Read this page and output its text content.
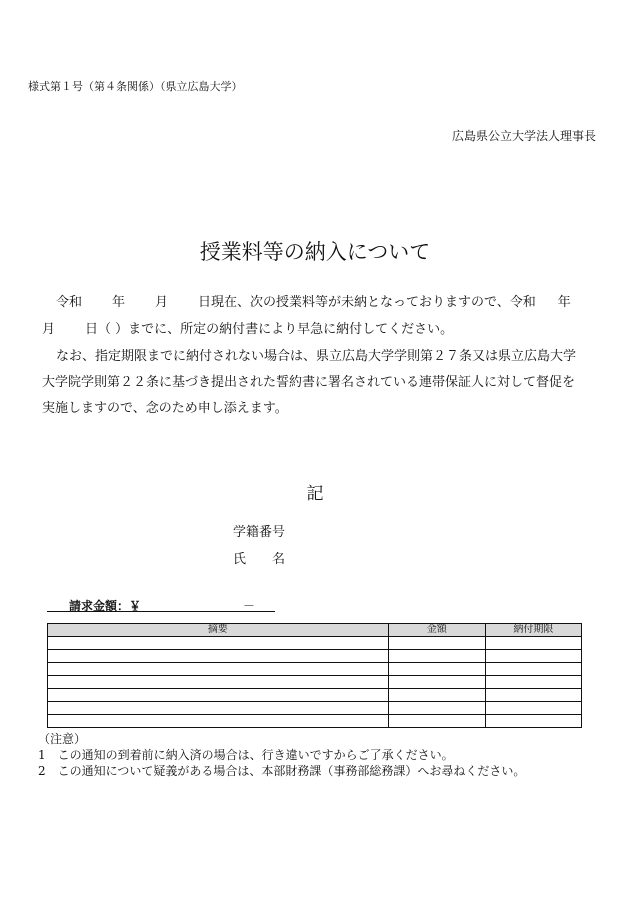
様式第１号（第４条関係）（県立広島大学）
広島県公立大学法人理事長
授業料等の納入について
令和 年 月 日現在、次の授業料等が未納となっておりますので、令和 年
月 日（ ）までに、所定の納付書により早急に納付してください。
なお、指定期限までに納付されない場合は、県立広島大学学則第２７条又は県立広島大学
大学院学則第２２条に基づき提出された誓約書に署名されている連帯保証人に対して督促を
実施しますので、念のため申し添えます。
記
学籍番号
氏 名
請求金額：￥	－
摘要	金額	納付期限

（注意）
1　この通知の到着前に納入済の場合は、行き違いですからご了承ください。
2　この通知について疑義がある場合は、本部財務課（事務部総務課）へお尋ねください。
